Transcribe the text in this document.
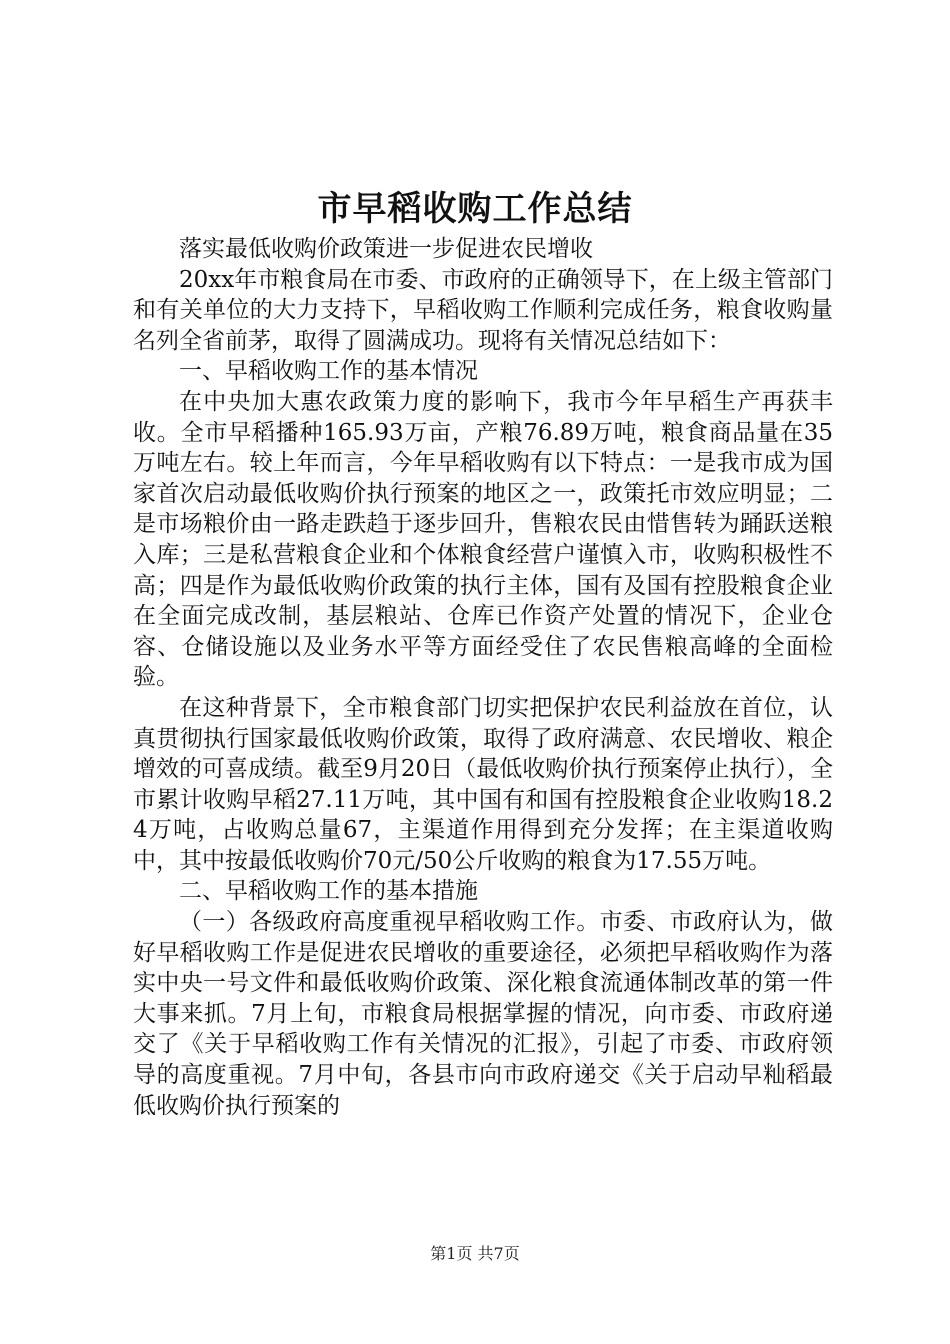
市早稻收购工作总结

落实最低收购价政策进一步促进农民增收

20xx年市粮食局在市委、市政府的正确领导下，在上级主管部门和有关单位的大力支持下，早稻收购工作顺利完成任务，粮食收购量名列全省前茅，取得了圆满成功。现将有关情况总结如下：

一、早稻收购工作的基本情况

在中央加大惠农政策力度的影响下，我市今年早稻生产再获丰收。全市早稻播种165.93万亩，产粮76.89万吨，粮食商品量在35万吨左右。较上年而言，今年早稻收购有以下特点：一是我市成为国家首次启动最低收购价执行预案的地区之一，政策托市效应明显；二是市场粮价由一路走跌趋于逐步回升，售粮农民由惜售转为踊跃送粮入库；三是私营粮食企业和个体粮食经营户谨慎入市，收购积极性不高；四是作为最低收购价政策的执行主体，国有及国有控股粮食企业在全面完成改制，基层粮站、仓库已作资产处置的情况下，企业仓容、仓储设施以及业务水平等方面经受住了农民售粮高峰的全面检验。

在这种背景下，全市粮食部门切实把保护农民利益放在首位，认真贯彻执行国家最低收购价政策，取得了政府满意、农民增收、粮企增效的可喜成绩。截至9月20日（最低收购价执行预案停止执行），全市累计收购早稻27.11万吨，其中国有和国有控股粮食企业收购18.24万吨，占收购总量67，主渠道作用得到充分发挥；在主渠道收购中，其中按最低收购价70元/50公斤收购的粮食为17.55万吨。

二、早稻收购工作的基本措施

（一）各级政府高度重视早稻收购工作。市委、市政府认为，做好早稻收购工作是促进农民增收的重要途径，必须把早稻收购作为落实中央一号文件和最低收购价政策、深化粮食流通体制改革的第一件大事来抓。7月上旬，市粮食局根据掌握的情况，向市委、市政府递交了《关于早稻收购工作有关情况的汇报》，引起了市委、市政府领导的高度重视。7月中旬，各县市向市政府递交《关于启动早籼稻最低收购价执行预案的

第1页 共7页
